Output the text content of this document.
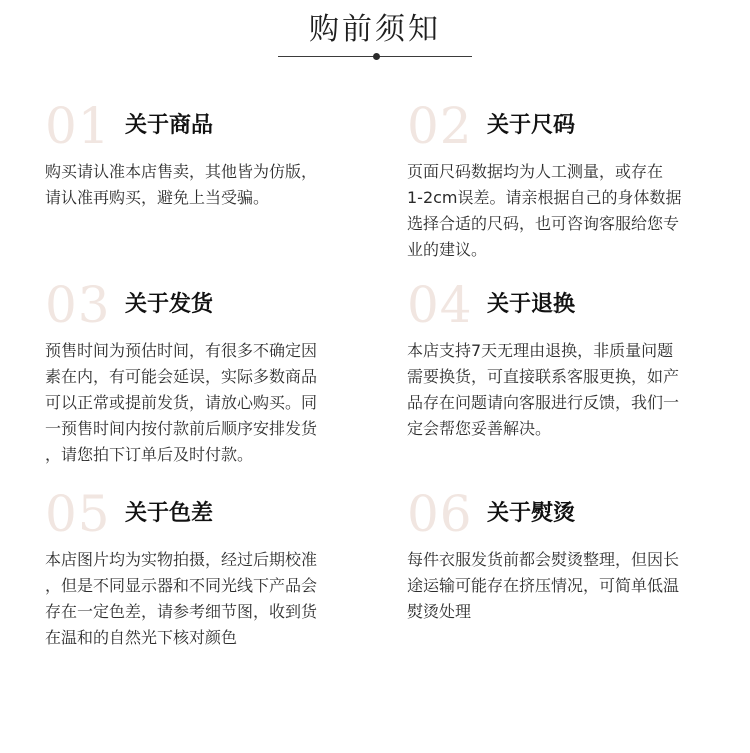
购前须知
01 关于商品
购买请认准本店售卖，其他皆为仿版，
请认准再购买，避免上当受骗。
02 关于尺码
页面尺码数据均为人工测量，或存在
1-2cm误差。请亲根据自己的身体数据
选择合适的尺码，也可咨询客服给您专
业的建议。
03 关于发货
预售时间为预估时间，有很多不确定因
素在内，有可能会延误，实际多数商品
可以正常或提前发货，请放心购买。同
一预售时间内按付款前后顺序安排发货
，请您拍下订单后及时付款。
04 关于退换
本店支持7天无理由退换，非质量问题
需要换货，可直接联系客服更换，如产
品存在问题请向客服进行反馈，我们一
定会帮您妥善解决。
05 关于色差
本店图片均为实物拍摄，经过后期校准
，但是不同显示器和不同光线下产品会
存在一定色差，请参考细节图，收到货
在温和的自然光下核对颜色
06 关于熨烫
每件衣服发货前都会熨烫整理，但因长
途运输可能存在挤压情况，可简单低温
熨烫处理
